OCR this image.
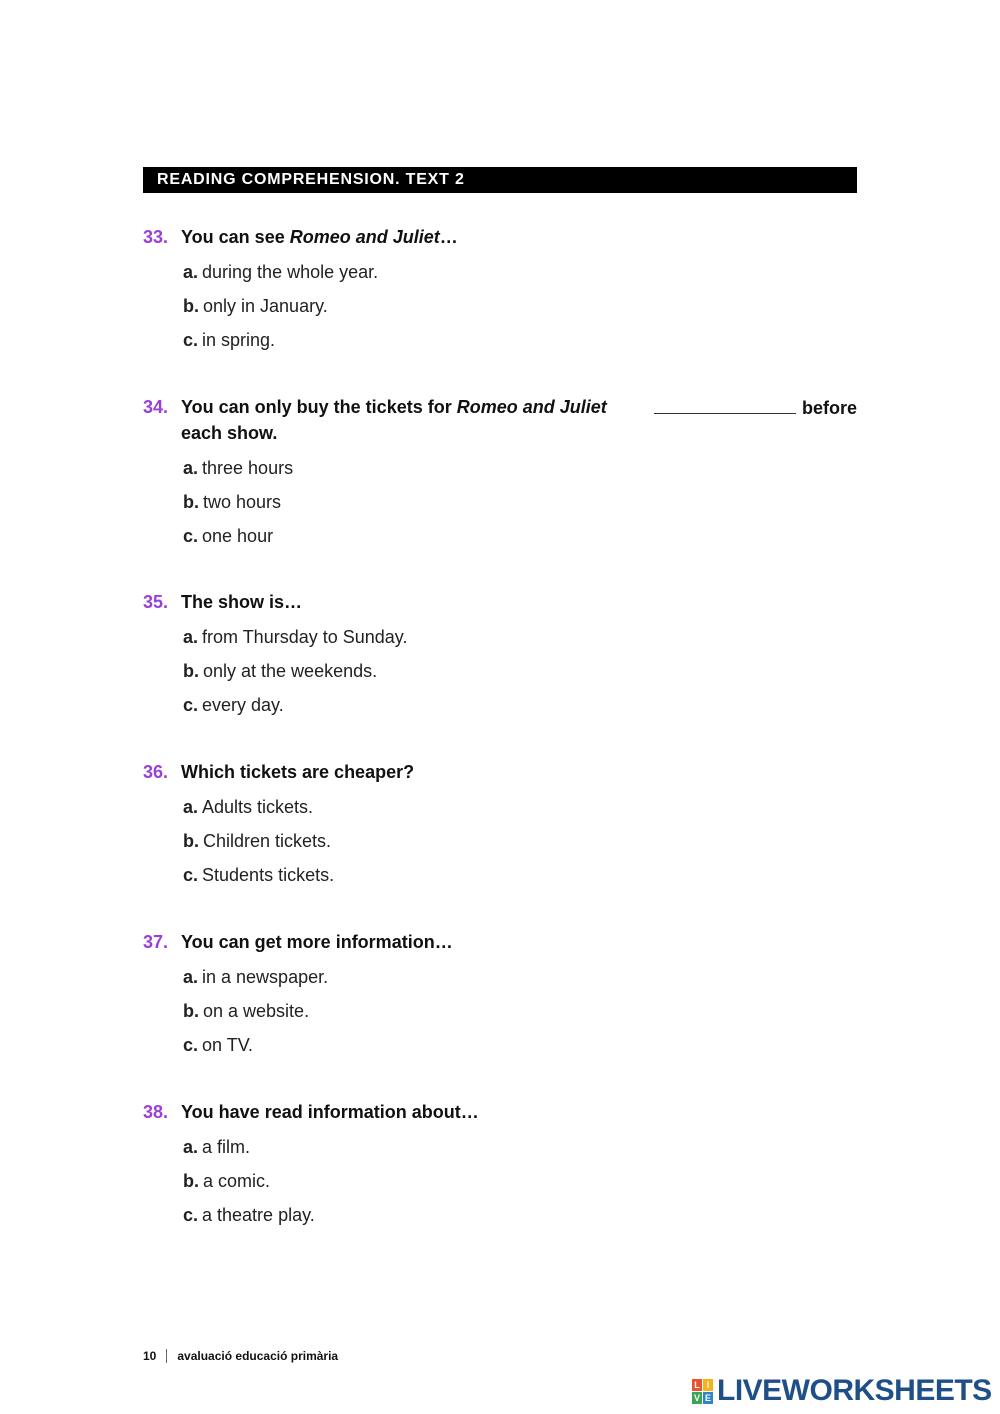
READING COMPREHENSION. TEXT 2
33. You can see Romeo and Juliet…
a. during the whole year.
b. only in January.
c. in spring.
34. You can only buy the tickets for Romeo and Juliet	before
each show.
a. three hours
b. two hours
c. one hour
35. The show is…
a. from Thursday to Sunday.
b. only at the weekends.
c. every day.
36. Which tickets are cheaper?
a. Adults tickets.
b. Children tickets.
c. Students tickets.
37. You can get more information…
a. in a newspaper.
b. on a website.
c. on TV.
38. You have read information about…
a. a film.
b. a comic.
c. a theatre play.
10 avaluació educació primària
L I
V E LIVEWORKSHEETS
